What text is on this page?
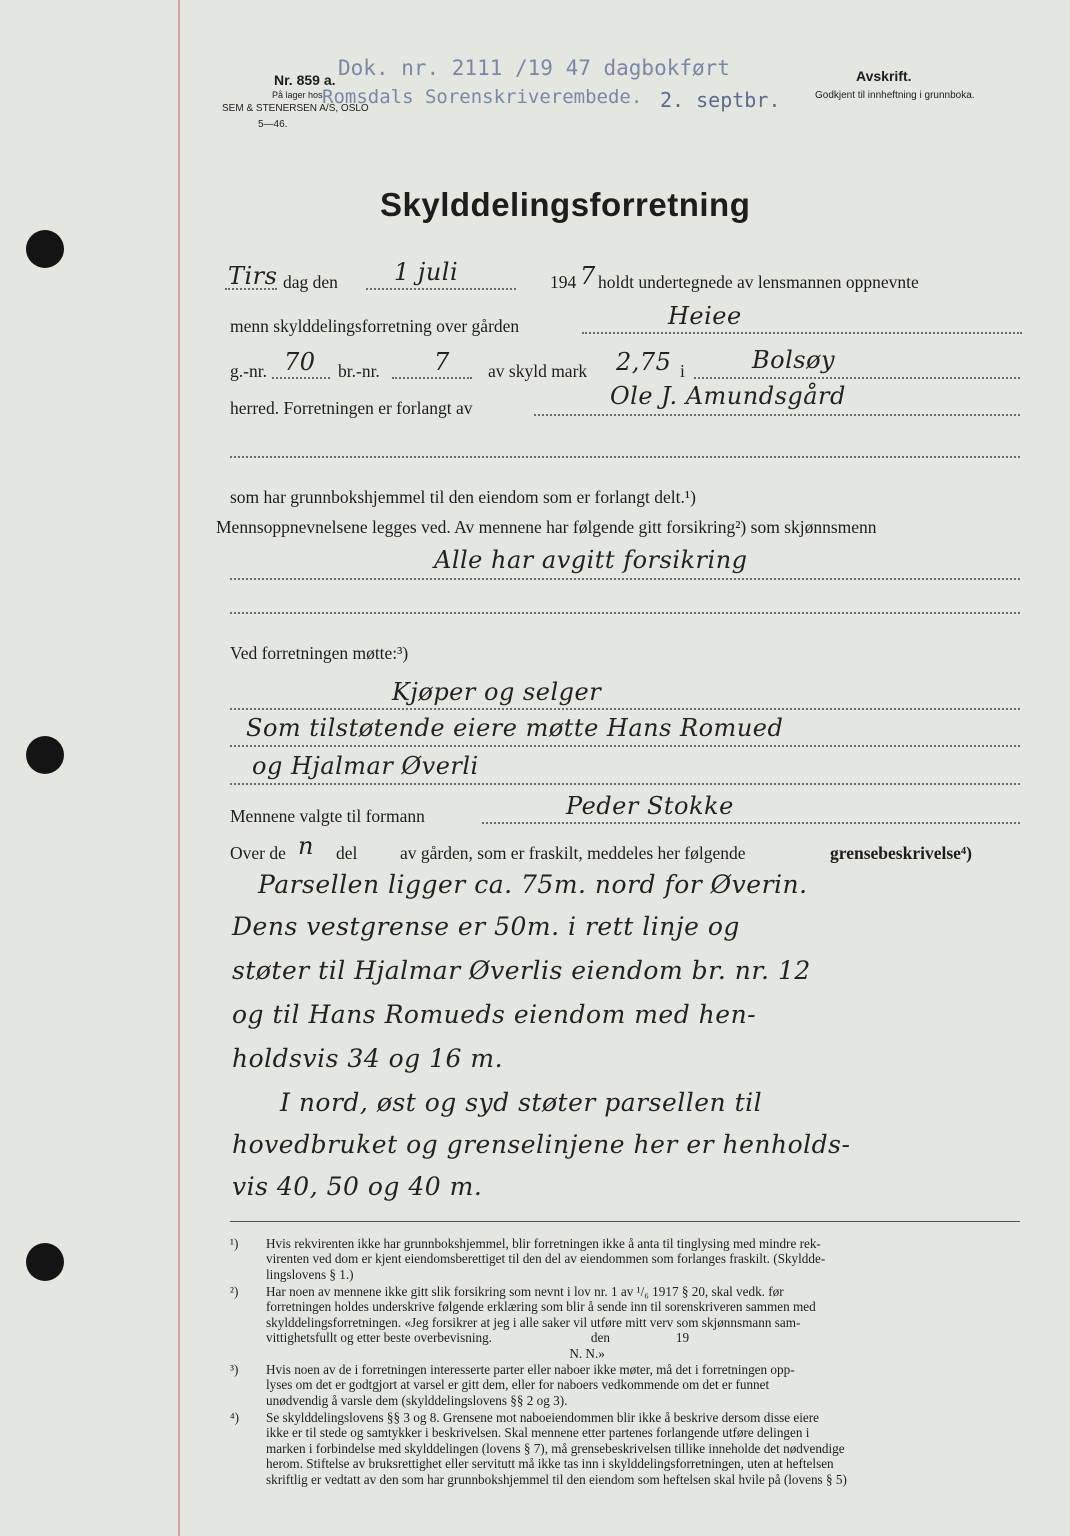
Nr. 859 a.
På lager hos
SEM & STENERSEN A/S, OSLO
5—46.
Dok. nr. 2111 /19 47 dagbokført
Romsdals Sorenskriverembede. 2. septbr.
Avskrift.
Godkjent til innheftning i grunnboka.
Skylddelingsforretning
Tirs dag den 1 juli	194 7 holdt undertegnede av lensmannen oppnevnte
menn skylddelingsforretning over gården	Heiee
g.-nr. 70 br.-nr. 7 av skyld mark 2,75 i	Bolsøy
herred. Forretningen er forlangt av	Ole J. Amundsgård
som har grunnbokshjemmel til den eiendom som er forlangt delt.¹)
Mennsoppnevnelsene legges ved. Av mennene har følgende gitt forsikring²) som skjønnsmenn
Alle har avgitt forsikring
Ved forretningen møtte:³)
Kjøper og selger
Som tilstøtende eiere møtte Hans Romued
og Hjalmar Øverli
Mennene valgte til formann	Peder Stokke
Over de n del av gården, som er fraskilt, meddeles her følgende	grensebeskrivelse⁴)
Parsellen ligger ca. 75m. nord for Øverin.
Dens vestgrense er 50m. i rett linje og
støter til Hjalmar Øverlis eiendom br. nr. 12
og til Hans Romueds eiendom med hen-
holdsvis 34 og 16 m.
I nord, øst og syd støter parsellen til
hovedbruket og grenselinjene her er henholds-
vis 40, 50 og 40 m.
¹) Hvis rekvirenten ikke har grunnbokshjemmel, blir forretningen ikke å anta til tinglysing med mindre rek-
virenten ved dom er kjent eiendomsberettiget til den del av eiendommen som forlanges fraskilt. (Skyldde-
lingslovens § 1.)
²) Har noen av mennene ikke gitt slik forsikring som nevnt i lov nr. 1 av ¹/₆ 1917 § 20, skal vedk. før
forretningen holdes underskrive følgende erklæring som blir å sende inn til sorenskriveren sammen med
skylddelingsforretningen. «Jeg forsikrer at jeg i alle saker vil utføre mitt verv som skjønnsmann sam-
vittighetsfullt og etter beste overbevisning.                              den                    19
N. N.»
³) Hvis noen av de i forretningen interesserte parter eller naboer ikke møter, må det i forretningen opp-
lyses om det er godtgjort at varsel er gitt dem, eller for naboers vedkommende om det er funnet
unødvendig å varsle dem (skylddelingslovens §§ 2 og 3).
⁴) Se skylddelingslovens §§ 3 og 8. Grensene mot naboeiendommen blir ikke å beskrive dersom disse eiere
ikke er til stede og samtykker i beskrivelsen. Skal mennene etter partenes forlangende utføre delingen i
marken i forbindelse med skylddelingen (lovens § 7), må grensebeskrivelsen tillike inneholde det nødvendige
herom. Stiftelse av bruksrettighet eller servitutt må ikke tas inn i skylddelingsforretningen, uten at heftelsen
skriftlig er vedtatt av den som har grunnbokshjemmel til den eiendom som heftelsen skal hvile på (lovens § 5)
